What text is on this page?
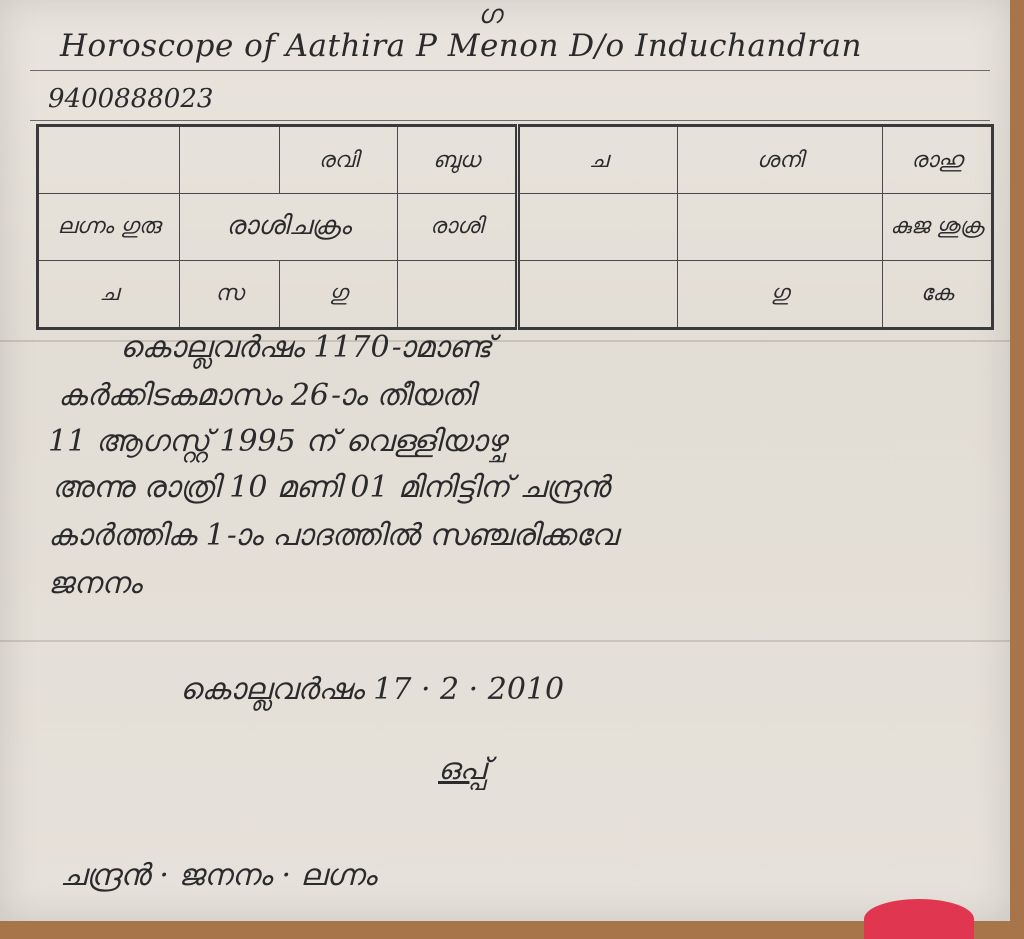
ഗ
Horoscope of Aathira P Menon D/o Induchandran
9400888023
		രവി	ബുധ	ച	ശനി	രാഹു
ലഗ്നം ഗുരു	രാശിചക്രം		രാശി			കുജ ശുക്ര
ച	സ	ഗു			ഗു	കേ
കൊല്ലവർഷം 1170-ാമാണ്ട്
കർക്കിടകമാസം 26-ാം തീയതി
11 ആഗസ്റ്റ് 1995 ന് വെള്ളിയാഴ്ച
അന്നു രാത്രി 10 മണി 01 മിനിട്ടിന് ചന്ദ്രൻ
കാർത്തിക 1-ാം പാദത്തിൽ സഞ്ചരിക്കവേ
ജനനം
കൊല്ലവർഷം 17 · 2 · 2010
ഒപ്പ്
ചന്ദ്രൻ · ജനനം · ലഗ്നം
